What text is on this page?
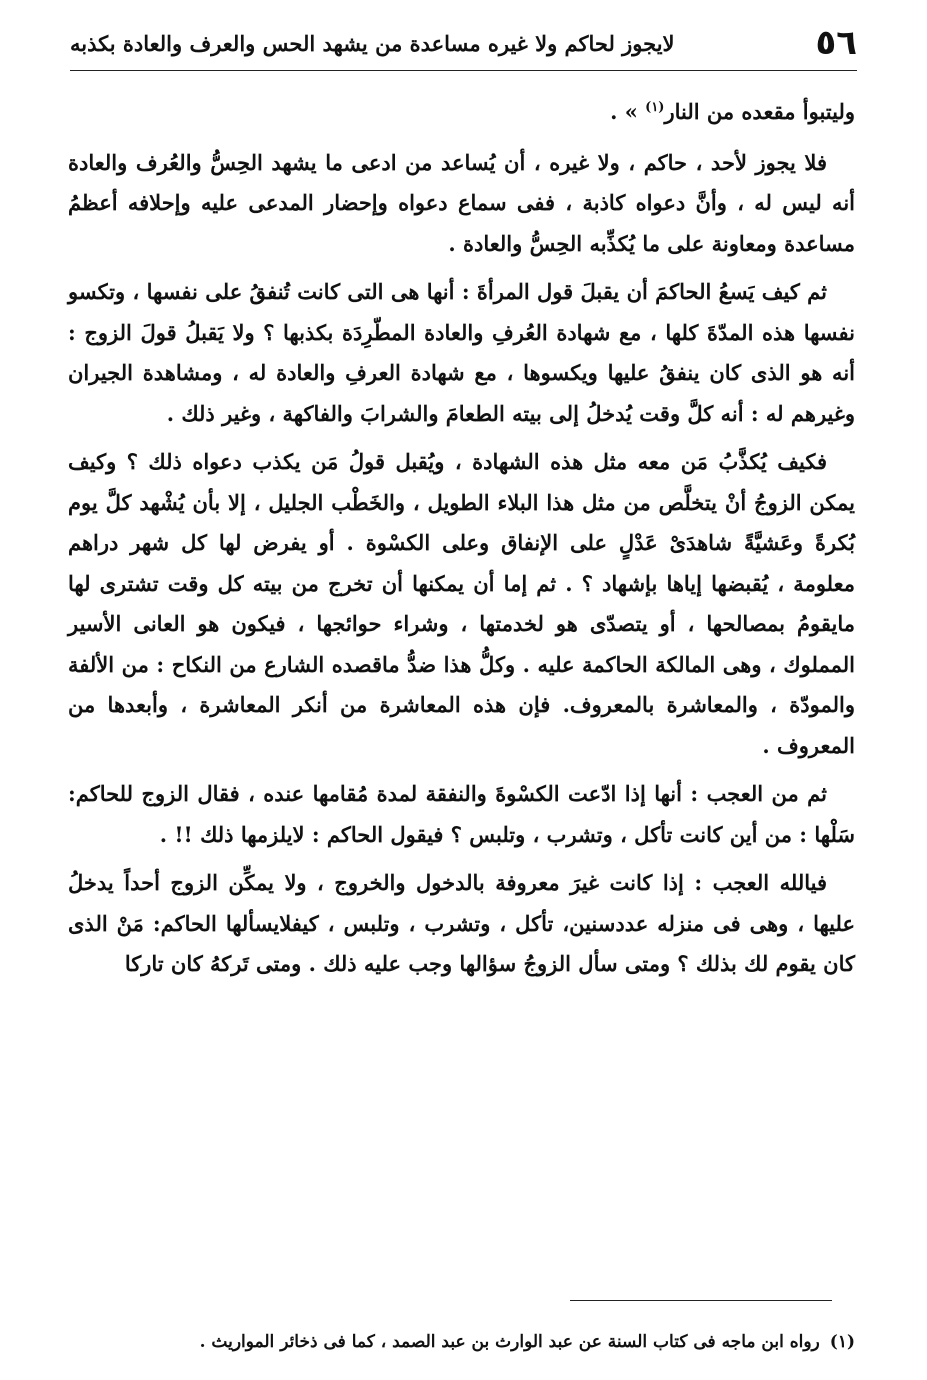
٥٦
لايجوز لحاكم ولا غيره مساعدة من يشهد الحس والعرف والعادة بكذبه

وليتبوأ مقعده من النار$^{(١)}$ » .

فلا يجوز لأحد ، حاكم ، ولا غيره ، أن يُساعد من ادعى ما يشهد الحِسُّ والعُرف والعادة أنه ليس له ، وأنَّ دعواه كاذبة ، ففى سماع دعواه وإحضار المدعى عليه وإحلافه أعظمُ مساعدة ومعاونة على ما يُكذِّبه الحِسُّ والعادة .

ثم كيف يَسعُ الحاكمَ أن يقبلَ قول المرأةَ : أنها هى التى كانت تُنفقُ على نفسها ، وتكسو نفسها هذه المدّةَ كلها ، مع شهادة العُرفِ والعادة المطّرِدَة بكذبها ؟ ولا يَقبلُ قولَ الزوج : أنه هو الذى كان ينفقُ عليها ويكسوها ، مع شهادة العرفِ والعادة له ، ومشاهدة الجيران وغيرهم له : أنه كلَّ وقت يُدخلُ إلى بيته الطعامَ والشرابَ والفاكهة ، وغير ذلك .

فكيف يُكذَّبُ مَن معه مثل هذه الشهادة ، ويُقبل قولُ مَن يكذب دعواه ذلك ؟ وكيف يمكن الزوجُ أنْ يتخلَّص من مثل هذا البلاء الطويل ، والخَطْب الجليل ، إلا بأن يُشْهد كلَّ يوم بُكرةً وعَشيَّةً شاهدَىْ عَدْلٍ على الإنفاق وعلى الكسْوة . أو يفرض لها كل شهر دراهم معلومة ، يُقبضها إياها بإشهاد ؟ . ثم إما أن يمكنها أن تخرج من بيته كل وقت تشترى لها مايقومُ بمصالحها ، أو يتصدّى هو لخدمتها ، وشراء حوائجها ، فيكون هو العانى الأسير المملوك ، وهى المالكة الحاكمة عليه . وكلُّ هذا ضدُّ ماقصده الشارع من النكاح : من الألفة والمودّة ، والمعاشرة بالمعروف. فإن هذه المعاشرة من أنكر المعاشرة ، وأبعدها من المعروف .

ثم من العجب : أنها إذا ادّعت الكسْوةَ والنفقة لمدة مُقامها عنده ، فقال الزوج للحاكم: سَلْها : من أين كانت تأكل ، وتشرب ، وتلبس ؟ فيقول الحاكم : لايلزمها ذلك !! .

فيالله العجب : إذا كانت غيرَ معروفة بالدخول والخروج ، ولا يمكِّن الزوج أحداً يدخلُ عليها ، وهى فى منزله عددسنين، تأكل ، وتشرب ، وتلبس ، كيفلايسألها الحاكم: مَنْ الذى كان يقوم لك بذلك ؟ ومتى سأل الزوجُ سؤالها وجب عليه ذلك . ومتى تَركهُ كان تاركا

(١)رواه ابن ماجه فى كتاب السنة عن عبد الوارث بن عبد الصمد ، كما فى ذخائر المواريث .
